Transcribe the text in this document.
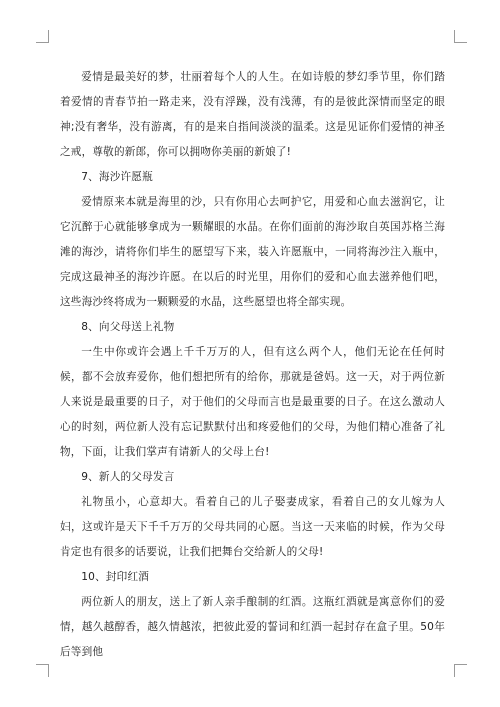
爱情是最美好的梦，壮丽着每个人的人生。在如诗般的梦幻季节里，你们踏着爱情的青春节拍一路走来，没有浮躁，没有浅薄，有的是彼此深情而坚定的眼神;没有奢华，没有游离，有的是来自指间淡淡的温柔。这是见证你们爱情的神圣之戒，尊敬的新郎，你可以拥吻你美丽的新娘了!

7、海沙许愿瓶

爱情原来本就是海里的沙，只有你用心去呵护它，用爱和心血去滋润它，让它沉醉于心就能够拿成为一颗耀眼的水晶。在你们面前的海沙取自英国苏格兰海滩的海沙，请将你们毕生的愿望写下来，装入许愿瓶中，一同将海沙注入瓶中，完成这最神圣的海沙许愿。在以后的时光里，用你们的爱和心血去滋养他们吧，这些海沙终将成为一颗颗爱的水晶，这些愿望也将全部实现。

8、向父母送上礼物

一生中你或许会遇上千千万万的人，但有这么两个人，他们无论在任何时候，都不会放弃爱你，他们想把所有的给你，那就是爸妈。这一天，对于两位新人来说是最重要的日子，对于他们的父母而言也是最重要的日子。在这么激动人心的时刻，两位新人没有忘记默默付出和疼爱他们的父母，为他们精心准备了礼物，下面，让我们掌声有请新人的父母上台!

9、新人的父母发言

礼物虽小，心意却大。看着自己的儿子娶妻成家，看着自己的女儿嫁为人妇，这或许是天下千千万万的父母共同的心愿。当这一天来临的时候，作为父母肯定也有很多的话要说，让我们把舞台交给新人的父母!

10、封印红酒

两位新人的朋友，送上了新人亲手酿制的红酒。这瓶红酒就是寓意你们的爱情，越久越醇香，越久情越浓，把彼此爱的誓词和红酒一起封存在盒子里。50年后等到他
